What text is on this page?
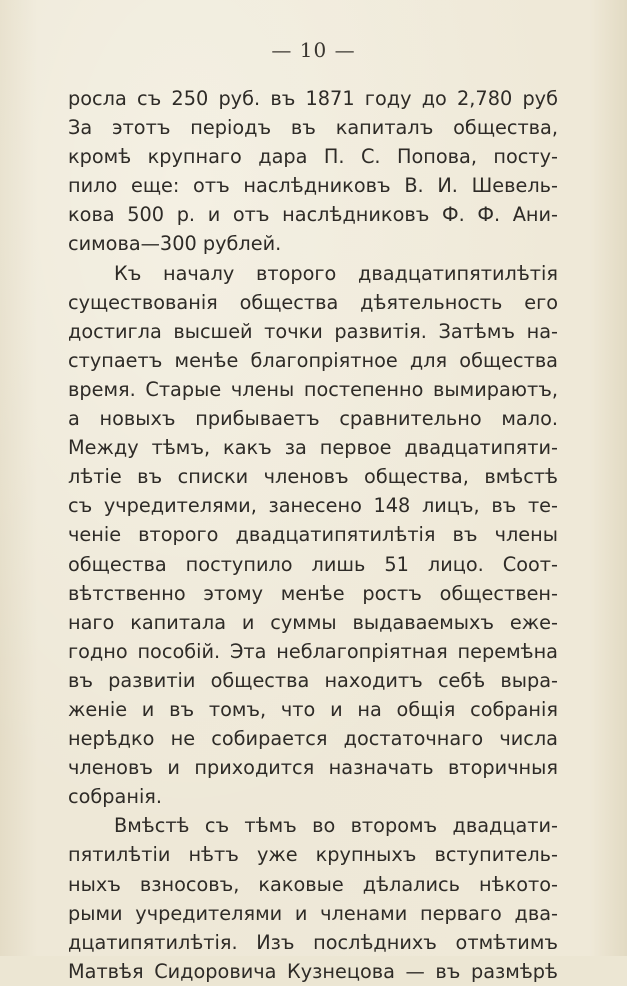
— 10 —
росла съ 250 руб. въ 1871 году до 2,780 руб
За этотъ періодъ въ капиталъ общества,
кромѣ крупнаго дара П. С. Попова, посту-
пило еще: отъ наслѣдниковъ В. И. Шевель-
кова 500 р. и отъ наслѣдниковъ Ф. Ф. Ани-
симова—300 рублей.
Къ началу второго двадцатипятилѣтія
существованія общества дѣятельность его
достигла высшей точки развитія. Затѣмъ на-
ступаетъ менѣе благопріятное для общества
время. Старые члены постепенно вымираютъ,
а новыхъ прибываетъ сравнительно мало.
Между тѣмъ, какъ за первое двадцатипяти-
лѣтіе въ списки членовъ общества, вмѣстѣ
съ учредителями, занесено 148 лицъ, въ те-
ченіе второго двадцатипятилѣтія въ члены
общества поступило лишь 51 лицо. Соот-
вѣтственно этому менѣе ростъ обществен-
наго капитала и суммы выдаваемыхъ еже-
годно пособій. Эта неблагопріятная перемѣна
въ развитіи общества находитъ себѣ выра-
женіе и въ томъ, что и на общія собранія
нерѣдко не собирается достаточнаго числа
членовъ и приходится назначать вторичныя
собранія.
Вмѣстѣ съ тѣмъ во второмъ двадцати-
пятилѣтіи нѣтъ уже крупныхъ вступитель-
ныхъ взносовъ, каковые дѣлались нѣкото-
рыми учредителями и членами перваго два-
дцатипятилѣтія. Изъ послѣднихъ отмѣтимъ
Матвѣя Сидоровича Кузнецова — въ размѣрѣ
